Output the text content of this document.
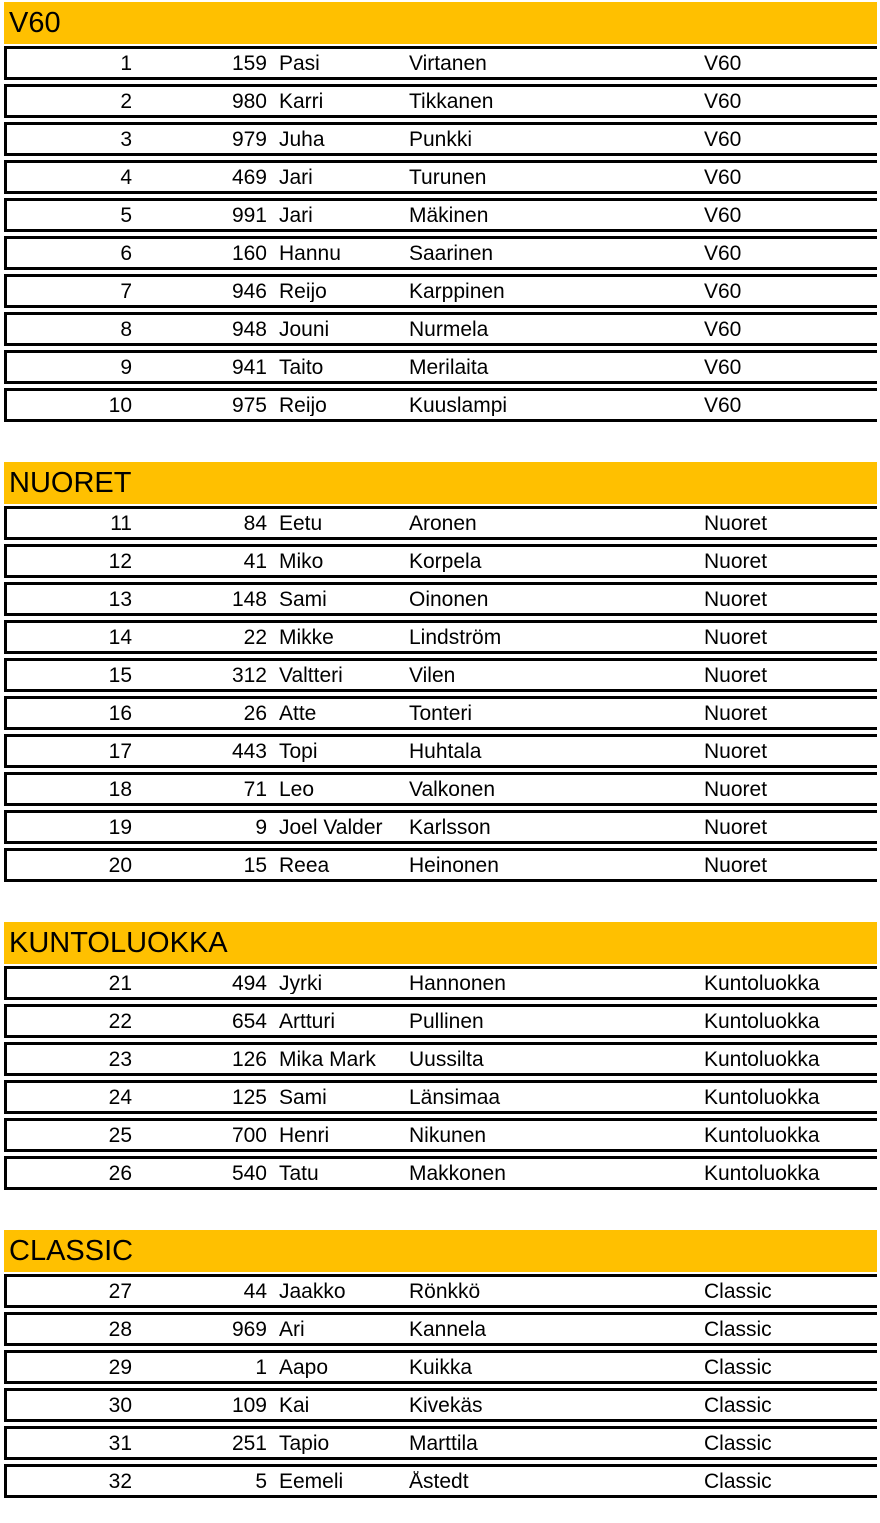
V60
1	159 Pasi	Virtanen	V60
2	980 Karri	Tikkanen	V60
3	979 Juha	Punkki	V60
4	469 Jari	Turunen	V60
5	991 Jari	Mäkinen	V60
6	160 Hannu	Saarinen	V60
7	946 Reijo	Karppinen	V60
8	948 Jouni	Nurmela	V60
9	941 Taito	Merilaita	V60
10	975 Reijo	Kuuslampi	V60
NUORET
11	84 Eetu	Aronen	Nuoret
12	41 Miko	Korpela	Nuoret
13	148 Sami	Oinonen	Nuoret
14	22 Mikke	Lindström	Nuoret
15	312 Valtteri	Vilen	Nuoret
16	26 Atte	Tonteri	Nuoret
17	443 Topi	Huhtala	Nuoret
18	71 Leo	Valkonen	Nuoret
19	9 Joel Valder	Karlsson	Nuoret
20	15 Reea	Heinonen	Nuoret
KUNTOLUOKKA
21	494 Jyrki	Hannonen	Kuntoluokka
22	654 Artturi	Pullinen	Kuntoluokka
23	126 Mika Mark	Uussilta	Kuntoluokka
24	125 Sami	Länsimaa	Kuntoluokka
25	700 Henri	Nikunen	Kuntoluokka
26	540 Tatu	Makkonen	Kuntoluokka
CLASSIC
27	44 Jaakko	Rönkkö	Classic
28	969 Ari	Kannela	Classic
29	1 Aapo	Kuikka	Classic
30	109 Kai	Kivekäs	Classic
31	251 Tapio	Marttila	Classic
32	5 Eemeli	Åstedt	Classic
